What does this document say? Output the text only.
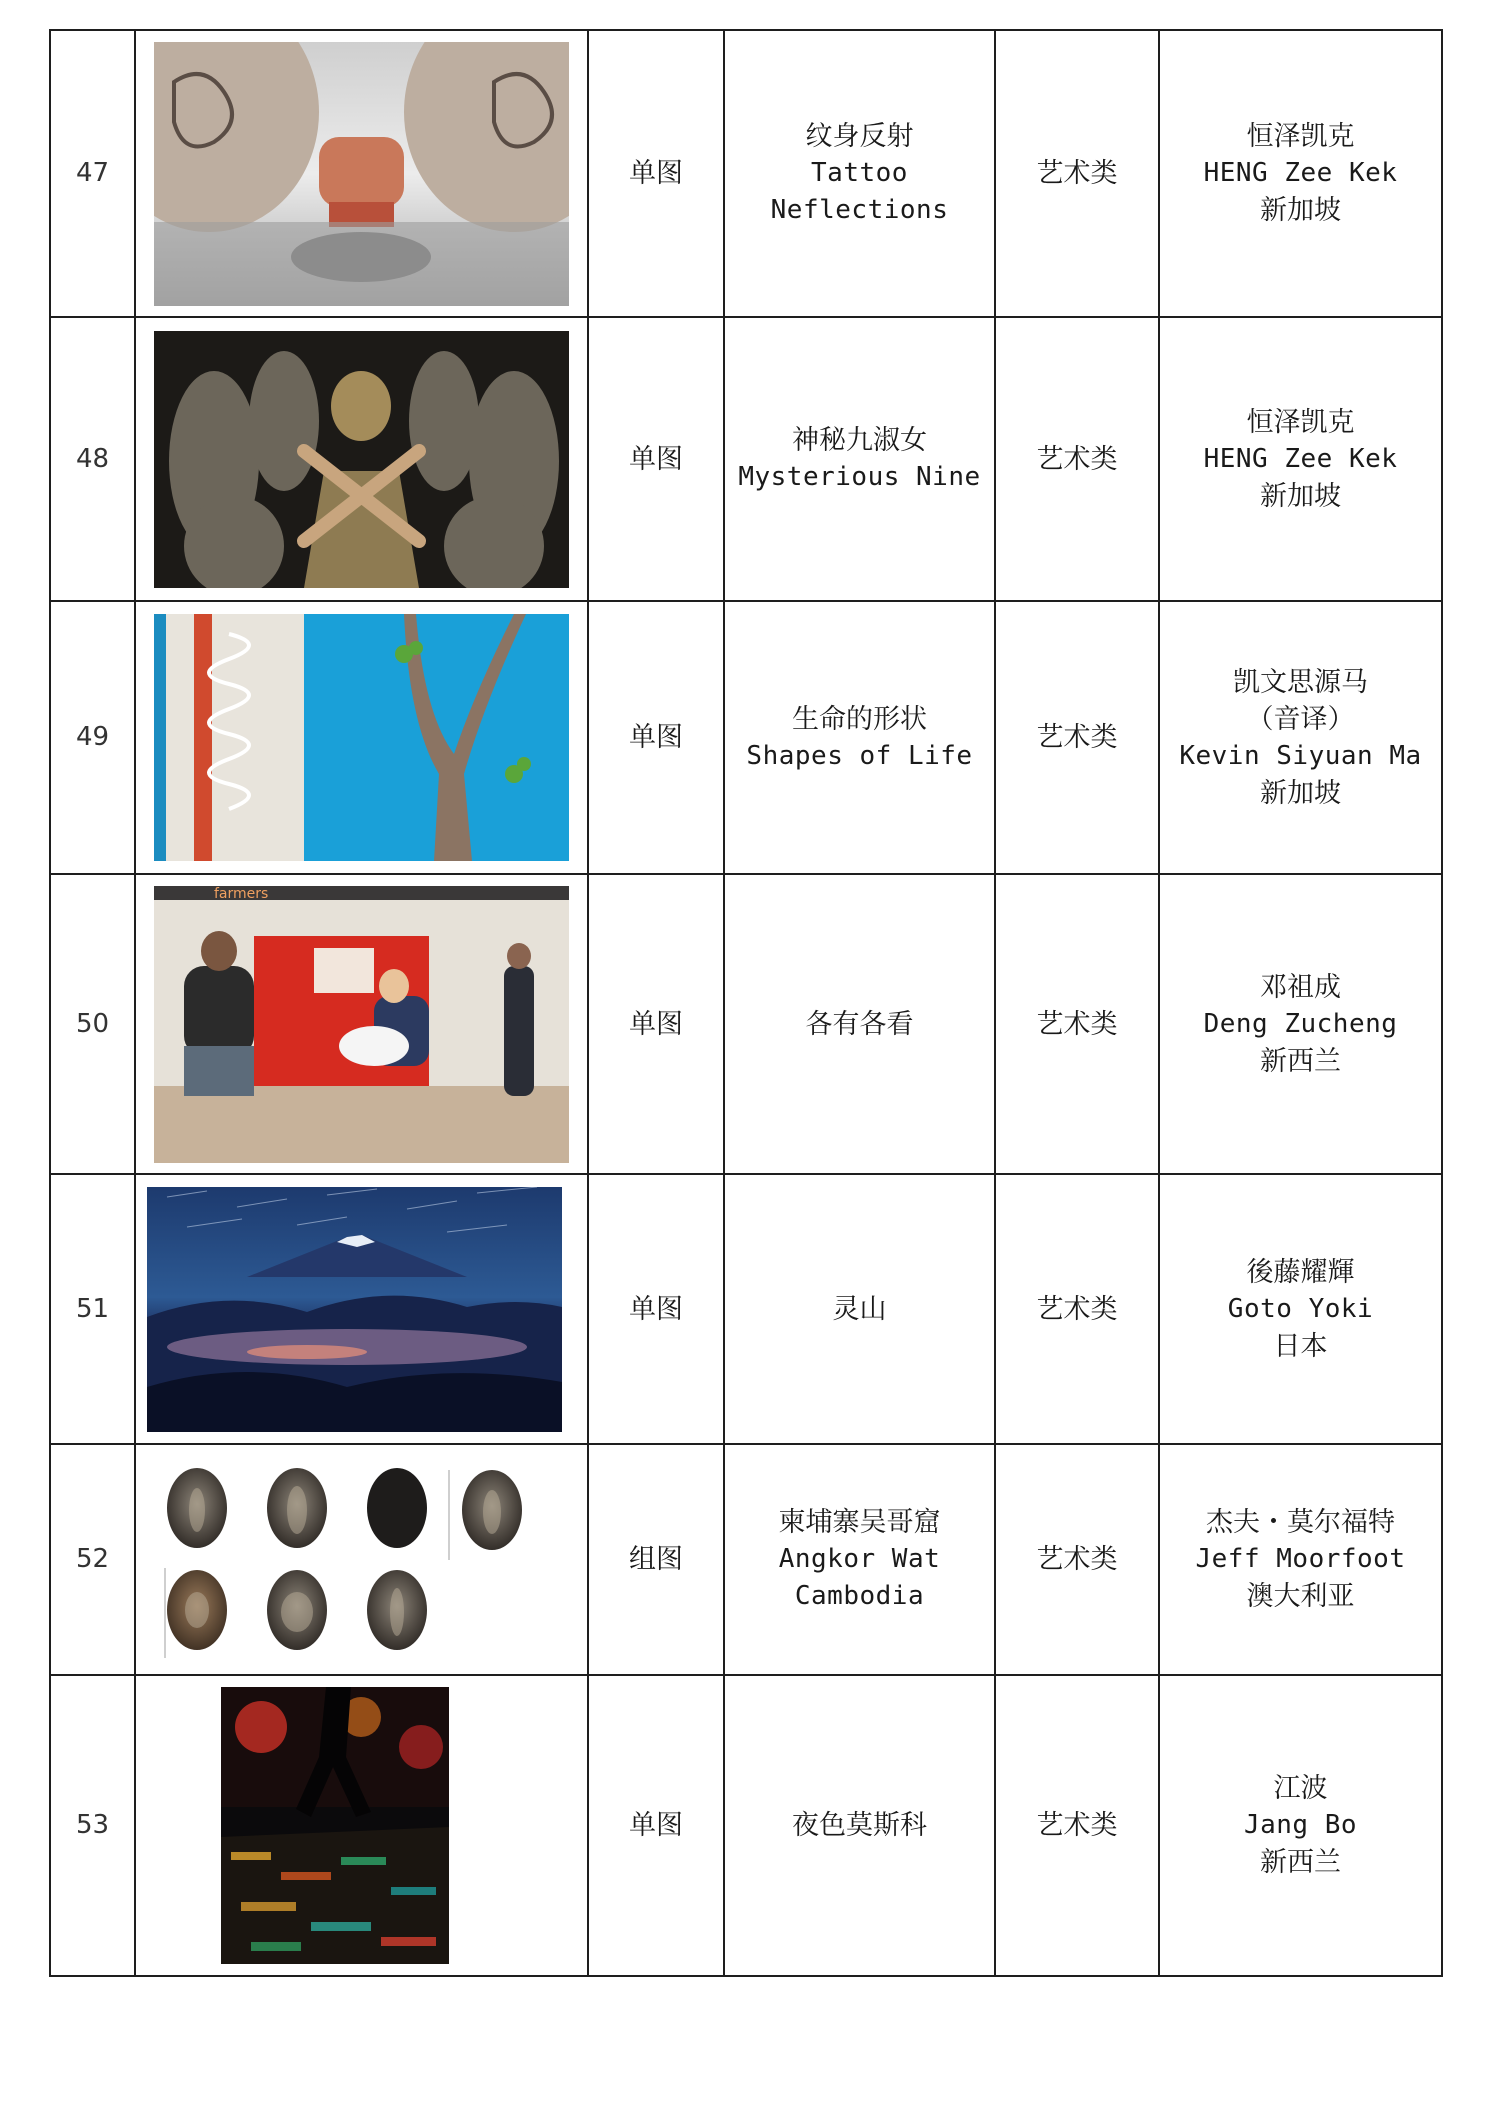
47		单图	纹身反射
Tattoo
Neflections	艺术类	恒泽凯克
HENG Zee Kek
新加坡

48		单图	神秘九淑女
Mysterious Nine	艺术类	恒泽凯克
HENG Zee Kek
新加坡

49		单图	生命的形状
Shapes of Life	艺术类	凯文思源马
（音译）
Kevin Siyuan Ma
新加坡

50	farmers	单图	各有各看	艺术类	邓祖成
Deng Zucheng
新西兰

51		单图	灵山	艺术类	後藤耀輝
Goto Yoki
日本

52		组图	柬埔寨吴哥窟
Angkor Wat
Cambodia	艺术类	杰夫・莫尔福特
Jeff Moorfoot
澳大利亚

53		单图	夜色莫斯科	艺术类	江波
Jang Bo
新西兰
